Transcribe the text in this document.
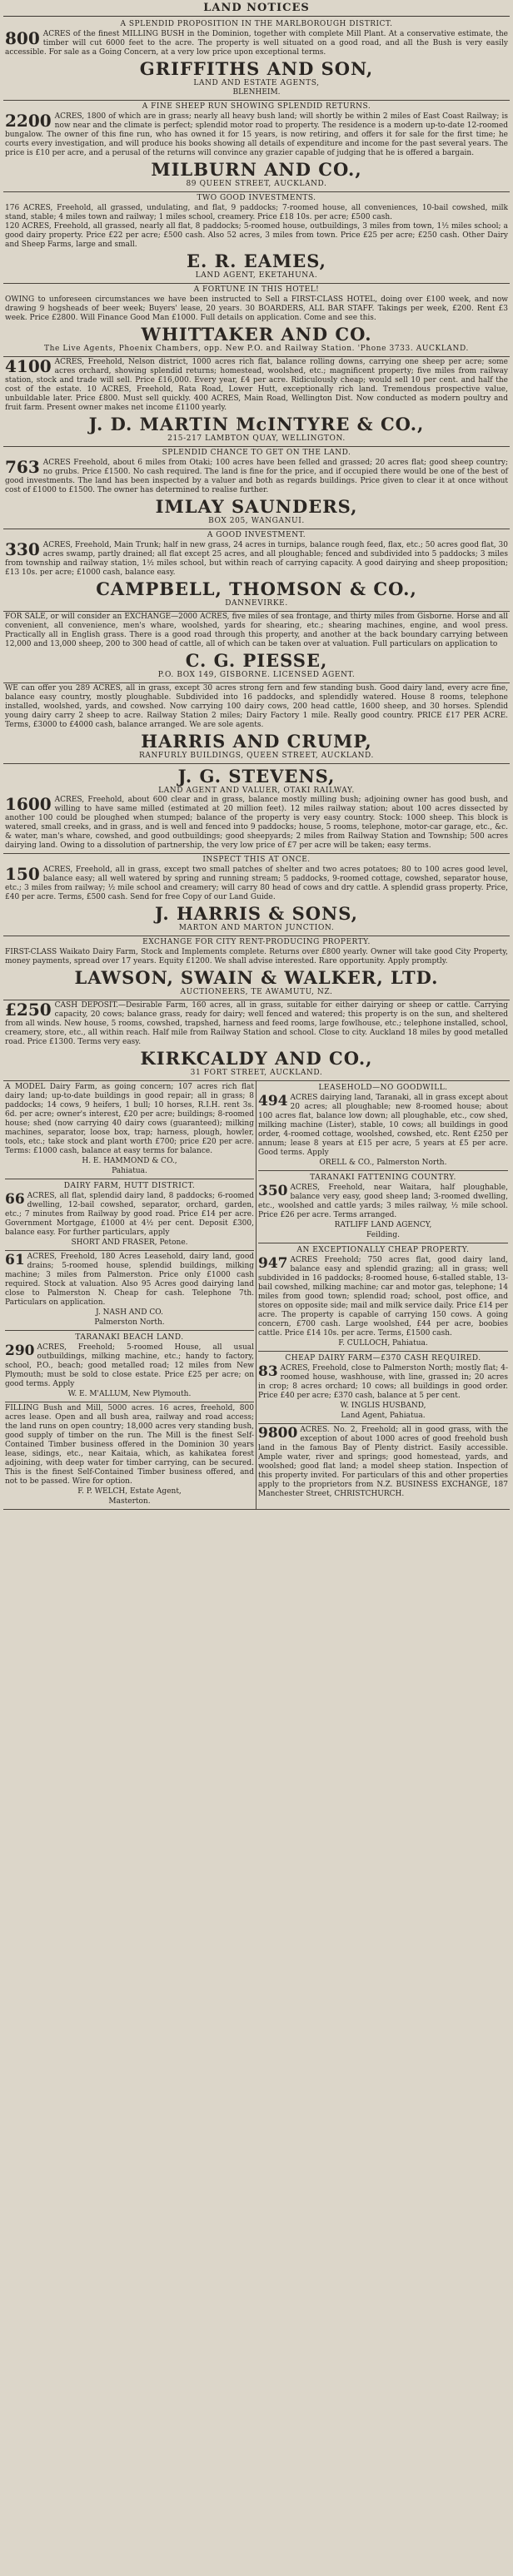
LAND NOTICES
A SPLENDID PROPOSITION IN THE MARLBOROUGH DISTRICT.
800 ACRES of the finest MILLING BUSH in the Dominion, together with complete Mill Plant. At a conservative estimate, the timber will cut 6000 feet to the acre. The property is well situated on a good road, and all the Bush is very easily accessible. For sale as a Going Concern, at a very low price upon exceptional terms.

GRIFFITHS AND SON,
LAND AND ESTATE AGENTS,
BLENHEIM.
A FINE SHEEP RUN SHOWING SPLENDID RETURNS.
2200 ACRES, 1800 of which are in grass; nearly all heavy bush land; will shortly be within 2 miles of East Coast Railway; is now near and the climate is perfect; splendid motor road to property. The residence is a modern up-to-date 12-roomed bungalow. The owner of this fine run, who has owned it for 15 years, is now retiring, and offers it for sale for the first time; he courts every investigation, and will produce his books showing all details of expenditure and income for the past several years. The price is £10 per acre, and a perusal of the returns will convince any grazier capable of judging that he is offered a bargain.

MILBURN AND CO.,
89 QUEEN STREET, AUCKLAND.
TWO GOOD INVESTMENTS.

176 ACRES, Freehold, all grassed, undulating, and flat, 9 paddocks; 7-roomed house, all conveniences, 10-bail cowshed, milk stand, stable; 4 miles town and railway; 1 miles school, creamery. Price £18 10s. per acre; £500 cash.

120 ACRES, Freehold, all grassed, nearly all flat, 8 paddocks; 5-roomed house, outbuildings, 3 miles from town, 1½ miles school; a good dairy property. Price £22 per acre; £500 cash. Also 52 acres, 3 miles from town. Price £25 per acre; £250 cash. Other Dairy and Sheep Farms, large and small.

E. R. EAMES,
LAND AGENT, EKETAHUNA.
A FORTUNE IN THIS HOTEL!

OWING to unforeseen circumstances we have been instructed to Sell a FIRST-CLASS HOTEL, doing over £100 week, and now drawing 9 hogsheads of beer week; Buyers' lease, 20 years. 30 BOARDERS, ALL BAR STAFF. Takings per week, £200. Rent £3 week. Price £2800. Will Finance Good Man £1000. Full details on application. Come and see this.

WHITTAKER AND CO.
The Live Agents, Phoenix Chambers, opp. New P.O. and Railway Station. 'Phone 3733. AUCKLAND.
4100 ACRES, Freehold, Nelson district, 1000 acres rich flat, balance rolling downs, carrying one sheep per acre; some acres orchard, showing splendid returns; homestead, woolshed, etc.; magnificent property; five miles from railway station, stock and trade will sell. Price £16,000. Every year, £4 per acre. Ridiculously cheap; would sell 10 per cent. and half the cost of the estate. 10 ACRES, Freehold, Rata Road, Lower Hutt, exceptionally rich land. Tremendous prospective value, unbuildable later. Price £800. Must sell quickly. 400 ACRES, Main Road, Wellington Dist. Now conducted as modern poultry and fruit farm. Present owner makes net income £1100 yearly.

J. D. MARTIN McINTYRE & CO.,
215-217 LAMBTON QUAY, WELLINGTON.
SPLENDID CHANCE TO GET ON THE LAND.
763 ACRES Freehold, about 6 miles from Otaki; 100 acres have been felled and grassed; 20 acres flat; good sheep country; no grubs. Price £1500. No cash required. The land is fine for the price, and if occupied there would be one of the best of good investments. The land has been inspected by a valuer and both as regards buildings. Price given to clear it at once without cost of £1000 to £1500. The owner has determined to realise further.

IMLAY SAUNDERS,
BOX 205, WANGANUI.
A GOOD INVESTMENT.
330 ACRES, Freehold, Main Trunk; half in new grass, 24 acres in turnips, balance rough feed, flax, etc.; 50 acres good flat, 30 acres swamp, partly drained; all flat except 25 acres, and all ploughable; fenced and subdivided into 5 paddocks; 3 miles from township and railway station, 1½ miles school, but within reach of carrying capacity. A good dairying and sheep proposition; £13 10s. per acre; £1000 cash, balance easy.

CAMPBELL, THOMSON & CO.,
DANNEVIRKE.

FOR SALE, or will consider an EXCHANGE—2000 ACRES, five miles of sea frontage, and thirty miles from Gisborne. Horse and all convenient, all convenience, men's whare, woolshed, yards for shearing, etc.; shearing machines, engine, and wool press. Practically all in English grass. There is a good road through this property, and another at the back boundary carrying between 12,000 and 13,000 sheep, 200 to 300 head of cattle, all of which can be taken over at valuation. Full particulars on application to

C. G. PIESSE,
P.O. BOX 149, GISBORNE. LICENSED AGENT.

WE can offer you 289 ACRES, all in grass, except 30 acres strong fern and few standing bush. Good dairy land, every acre fine, balance easy country, mostly ploughable. Subdivided into 16 paddocks, and splendidly watered. House 8 rooms, telephone installed, woolshed, yards, and cowshed. Now carrying 100 dairy cows, 200 head cattle, 1600 sheep, and 30 horses. Splendid young dairy carry 2 sheep to acre. Railway Station 2 miles; Dairy Factory 1 mile. Really good country. PRICE £17 PER ACRE. Terms, £3000 to £4000 cash, balance arranged. We are sole agents.

HARRIS AND CRUMP,
RANFURLY BUILDINGS, QUEEN STREET, AUCKLAND.
J. G. STEVENS,
LAND AGENT AND VALUER, OTAKI RAILWAY.
1600 ACRES, Freehold, about 600 clear and in grass, balance mostly milling bush; adjoining owner has good bush, and willing to have same milled (estimated at 20 million feet). 12 miles railway station; about 100 acres dissected by another 100 could be ploughed when stumped; balance of the property is very easy country. Stock: 1000 sheep. This block is watered, small creeks, and in grass, and is well and fenced into 9 paddocks; house, 5 rooms, telephone, motor-car garage, etc., &c. & water, man's whare, cowshed, and good outbuildings; good sheepyards; 2 miles from Railway Station and Township; 500 acres dairying land. Owing to a dissolution of partnership, the very low price of £7 per acre will be taken; easy terms.

INSPECT THIS AT ONCE.
150 ACRES, Freehold, all in grass, except two small patches of shelter and two acres potatoes; 80 to 100 acres good level, balance easy; all well watered by spring and running stream; 5 paddocks, 9-roomed cottage, cowshed, separator house, etc.; 3 miles from railway; ½ mile school and creamery; will carry 80 head of cows and dry cattle. A splendid grass property. Price, £40 per acre. Terms, £500 cash. Send for free Copy of our Land Guide.

J. HARRIS & SONS,
MARTON AND MARTON JUNCTION.
EXCHANGE FOR CITY RENT-PRODUCING PROPERTY.

FIRST-CLASS Waikato Dairy Farm, Stock and Implements complete. Returns over £800 yearly. Owner will take good City Property, money payments, spread over 17 years. Equity £1200. We shall advise interested. Rare opportunity. Apply promptly.

LAWSON, SWAIN & WALKER, LTD.
AUCTIONEERS, TE AWAMUTU, NZ.
£250 CASH DEPOSIT.—Desirable Farm, 160 acres, all in grass, suitable for either dairying or sheep or cattle. Carrying capacity, 20 cows; balance grass, ready for dairy; well fenced and watered; this property is on the sun, and sheltered from all winds. New house, 5 rooms, cowshed, trapshed, harness and feed rooms, large fowlhouse, etc.; telephone installed, school, creamery, store, etc., all within reach. Half mile from Railway Station and school. Close to city. Auckland 18 miles by good metalled road. Price £1300. Terms very easy.

KIRKCALDY AND CO.,
31 FORT STREET, AUCKLAND.

A MODEL Dairy Farm, as going concern; 107 acres rich flat dairy land; up-to-date buildings in good repair; all in grass; 8 paddocks; 14 cows, 9 heifers, 1 bull; 10 horses, R.I.H. rent 3s. 6d. per acre; owner's interest, £20 per acre; buildings; 8-roomed house; shed (now carrying 40 dairy cows (guaranteed); milking machines, separator, loose box, trap; harness, plough, howler, tools, etc.; take stock and plant worth £700; price £20 per acre. Terms: £1000 cash, balance at easy terms for balance.

H. E. HAMMOND & CO.,
Pahiatua.
DAIRY FARM, HUTT DISTRICT.
66 ACRES, all flat, splendid dairy land, 8 paddocks; 6-roomed dwelling, 12-bail cowshed, separator, orchard, garden, etc.; 7 minutes from Railway by good road. Price £14 per acre. Government Mortgage, £1000 at 4½ per cent. Deposit £300, balance easy. For further particulars, apply

SHORT AND FRASER, Petone.
61 ACRES, Freehold, 180 Acres Leasehold, dairy land, good drains; 5-roomed house, splendid buildings, milking machine; 3 miles from Palmerston. Price only £1000 cash required. Stock at valuation. Also 95 Acres good dairying land close to Palmerston N. Cheap for cash. Telephone 7th. Particulars on application.

J. NASH AND CO.
Palmerston North.
TARANAKI BEACH LAND.
290 ACRES, Freehold; 5-roomed House, all usual outbuildings, milking machine, etc.; handy to factory, school, P.O., beach; good metalled road; 12 miles from New Plymouth; must be sold to close estate. Price £25 per acre; on good terms. Apply

W. E. M'ALLUM, New Plymouth.

FILLING Bush and Mill, 5000 acres. 16 acres, freehold, 800 acres lease. Open and all bush area, railway and road access; the land runs on open country; 18,000 acres very standing bush, good supply of timber on the run. The Mill is the finest Self-Contained Timber business offered in the Dominion 30 years lease, sidings, etc., near Kaitaia, which, as kahikatea forest adjoining, with deep water for timber carrying, can be secured. This is the finest Self-Contained Timber business offered, and not to be passed. Wire for option.

F. P. WELCH, Estate Agent,
Masterton.
LEASEHOLD—NO GOODWILL.
494 ACRES dairying land, Taranaki, all in grass except about 20 acres; all ploughable; new 8-roomed house; about 100 acres flat, balance low down; all ploughable, etc., cow shed, milking machine (Lister), stable, 10 cows; all buildings in good order, 4-roomed cottage, woolshed, cowshed, etc. Rent £250 per annum; lease 8 years at £15 per acre, 5 years at £5 per acre. Good terms. Apply

ORELL & CO., Palmerston North.
TARANAKI FATTENING COUNTRY.
350 ACRES, Freehold, near Waitara, half ploughable, balance very easy, good sheep land; 3-roomed dwelling, etc., woolshed and cattle yards; 3 miles railway, ½ mile school. Price £26 per acre. Terms arranged.

RATLIFF LAND AGENCY,
Feilding.
AN EXCEPTIONALLY CHEAP PROPERTY.
947 ACRES Freehold; 750 acres flat, good dairy land, balance easy and splendid grazing; all in grass; well subdivided in 16 paddocks; 8-roomed house, 6-stalled stable, 13-bail cowshed, milking machine; car and motor gas, telephone; 14 miles from good town; splendid road; school, post office, and stores on opposite side; mail and milk service daily. Price £14 per acre. The property is capable of carrying 150 cows. A going concern, £700 cash. Large woolshed, £44 per acre, boobies cattle. Price £14 10s. per acre. Terms, £1500 cash.

F. CULLOCH, Pahiatua.
CHEAP DAIRY FARM—£370 CASH REQUIRED.
83 ACRES, Freehold, close to Palmerston North; mostly flat; 4-roomed house, washhouse, with line, grassed in; 20 acres in crop; 8 acres orchard; 10 cows; all buildings in good order. Price £40 per acre; £370 cash, balance at 5 per cent.

W. INGLIS HUSBAND,
Land Agent, Pahiatua.
9800 ACRES. No. 2, Freehold; all in good grass, with the exception of about 1000 acres of good freehold bush land in the famous Bay of Plenty district. Easily accessible. Ample water, river and springs; good homestead, yards, and woolshed; good flat land; a model sheep station. Inspection of this property invited. For particulars of this and other properties apply to the proprietors from N.Z. BUSINESS EXCHANGE, 187 Manchester Street, CHRISTCHURCH.
